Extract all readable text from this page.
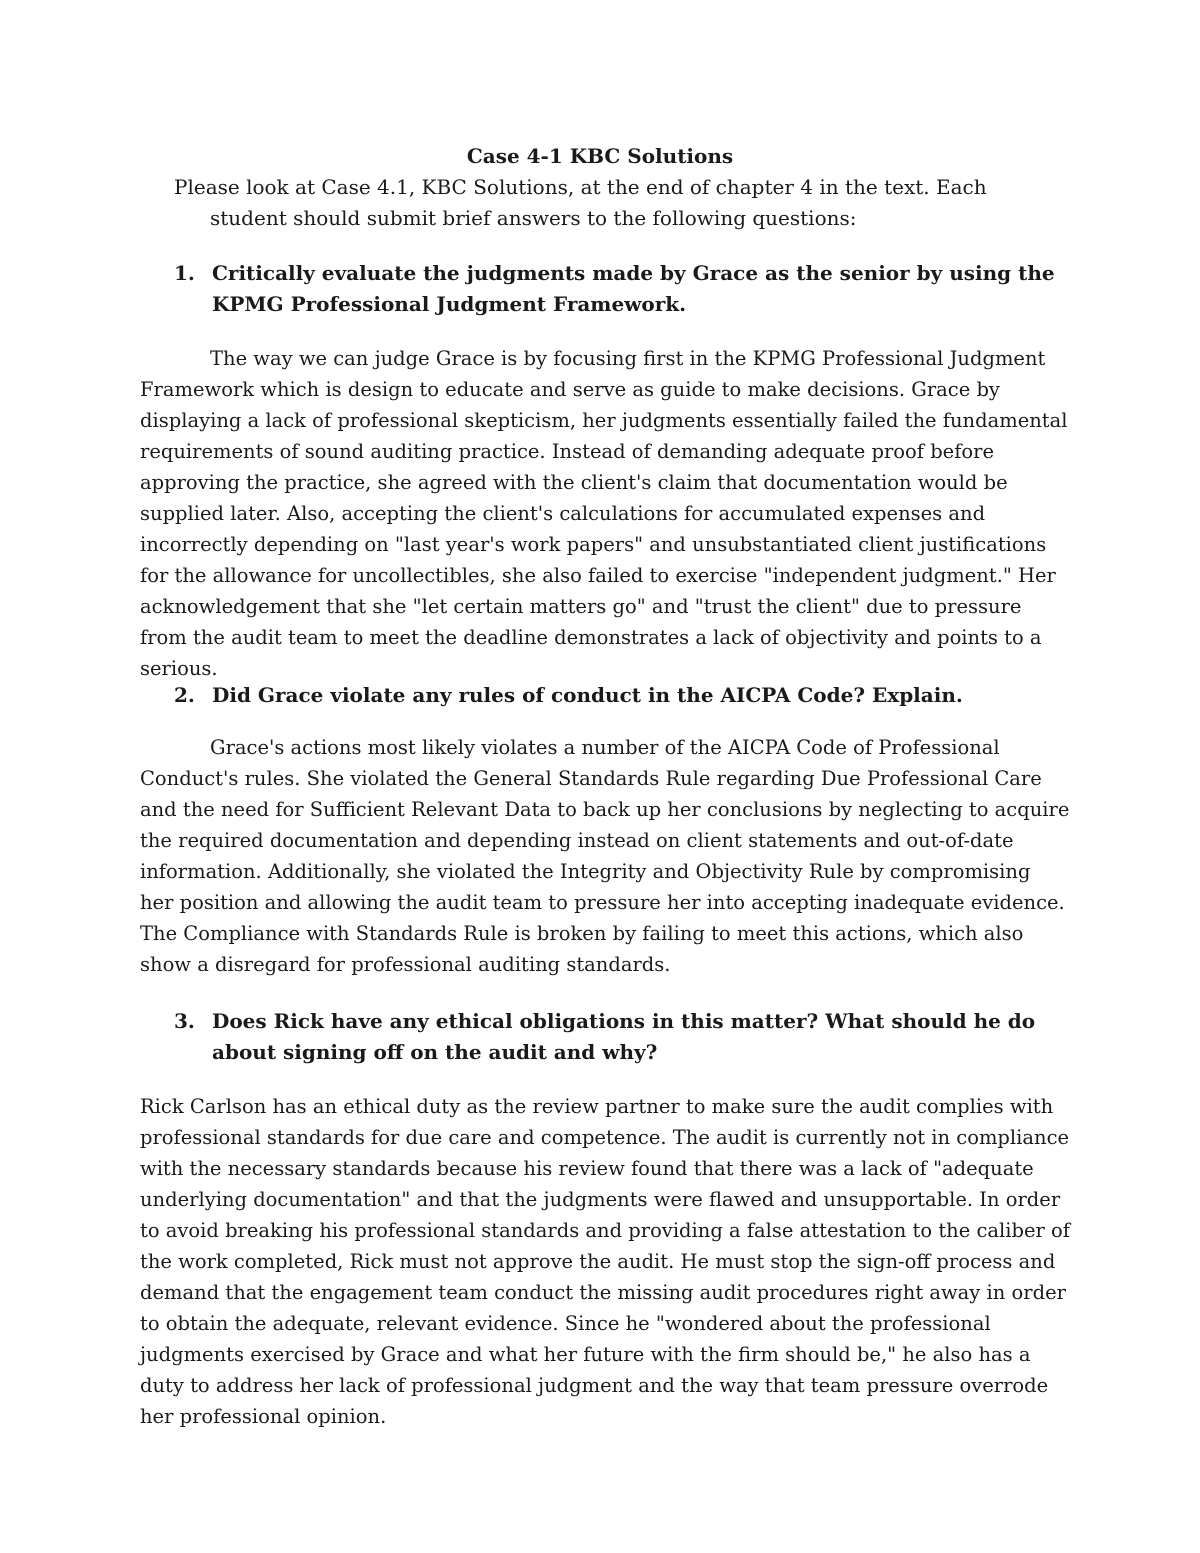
Case 4-1 KBC Solutions
Please look at Case 4.1, KBC Solutions, at the end of chapter 4 in the text. Each student should submit brief answers to the following questions:
1. Critically evaluate the judgments made by Grace as the senior by using the KPMG Professional Judgment Framework.
The way we can judge Grace is by focusing first in the KPMG Professional Judgment Framework which is design to educate and serve as guide to make decisions. Grace by displaying a lack of professional skepticism, her judgments essentially failed the fundamental requirements of sound auditing practice. Instead of demanding adequate proof before approving the practice, she agreed with the client's claim that documentation would be supplied later. Also, accepting the client's calculations for accumulated expenses and incorrectly depending on "last year's work papers" and unsubstantiated client justifications for the allowance for uncollectibles, she also failed to exercise "independent judgment." Her acknowledgement that she "let certain matters go" and "trust the client" due to pressure from the audit team to meet the deadline demonstrates a lack of objectivity and points to a serious.
2. Did Grace violate any rules of conduct in the AICPA Code? Explain.
Grace's actions most likely violates a number of the AICPA Code of Professional Conduct's rules. She violated the General Standards Rule regarding Due Professional Care and the need for Sufficient Relevant Data to back up her conclusions by neglecting to acquire the required documentation and depending instead on client statements and out-of-date information. Additionally, she violated the Integrity and Objectivity Rule by compromising her position and allowing the audit team to pressure her into accepting inadequate evidence. The Compliance with Standards Rule is broken by failing to meet this actions, which also show a disregard for professional auditing standards.
3. Does Rick have any ethical obligations in this matter? What should he do about signing off on the audit and why?
Rick Carlson has an ethical duty as the review partner to make sure the audit complies with professional standards for due care and competence. The audit is currently not in compliance with the necessary standards because his review found that there was a lack of "adequate underlying documentation" and that the judgments were flawed and unsupportable. In order to avoid breaking his professional standards and providing a false attestation to the caliber of the work completed, Rick must not approve the audit. He must stop the sign-off process and demand that the engagement team conduct the missing audit procedures right away in order to obtain the adequate, relevant evidence. Since he "wondered about the professional judgments exercised by Grace and what her future with the firm should be," he also has a duty to address her lack of professional judgment and the way that team pressure overrode her professional opinion.
